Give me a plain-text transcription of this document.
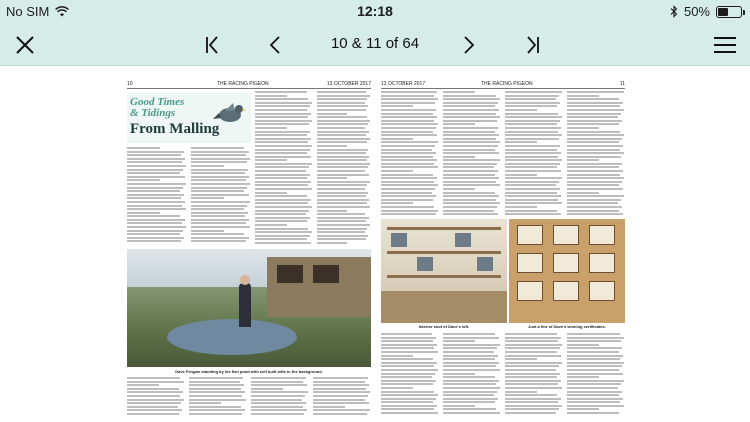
No SIM	12:18	50%
10 & 11 of 64
10	THE RACING PIGEON	13 OCTOBER 2017
Good Times
& Tidings
From Malling
Dave Fengan standing by his fish pond with self built lofts in the background.
13 OCTOBER 2017	THE RACING PIGEON	11
Interior shot of Dave's loft.	Just a few of Dave's winning certificates.
